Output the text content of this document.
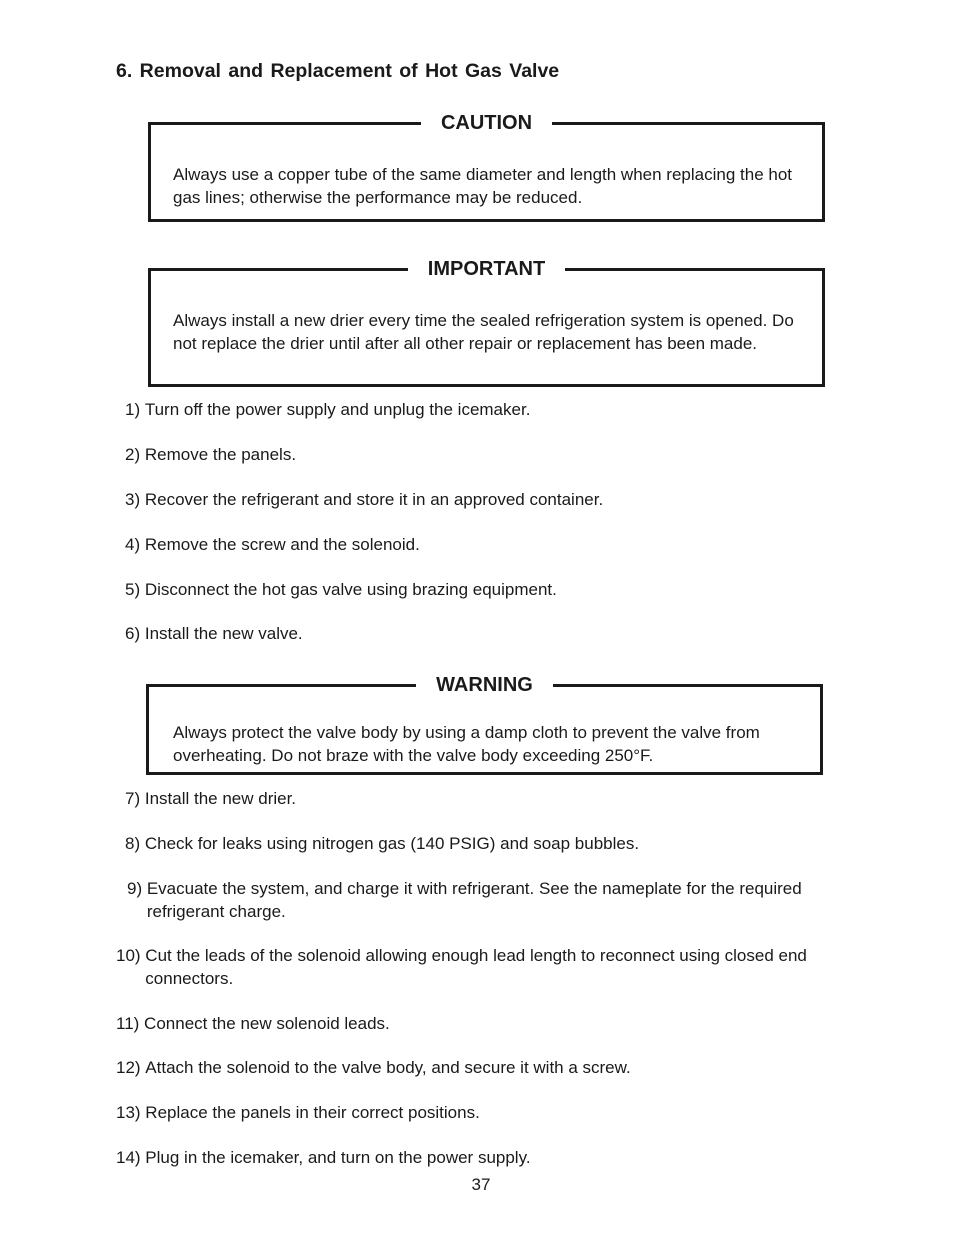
6. Removal and Replacement of Hot Gas Valve
CAUTION

Always use a copper tube of the same diameter and length when replacing the hot gas lines; otherwise the performance may be reduced.

IMPORTANT

Always install a new drier every time the sealed refrigeration system is opened. Do not replace the drier until after all other repair or replacement has been made.

1) Turn off the power supply and unplug the icemaker.
2) Remove the panels.
3) Recover the refrigerant and store it in an approved container.
4) Remove the screw and the solenoid.
5) Disconnect the hot gas valve using brazing equipment.
6) Install the new valve.
WARNING

Always protect the valve body by using a damp cloth to prevent the valve from overheating. Do not braze with the valve body exceeding 250°F.

7) Install the new drier.
8) Check for leaks using nitrogen gas (140 PSIG) and soap bubbles.
9) Evacuate the system, and charge it with refrigerant. See the nameplate for the required refrigerant charge.
10) Cut the leads of the solenoid allowing enough lead length to reconnect using closed end connectors.
11) Connect the new solenoid leads.
12) Attach the solenoid to the valve body, and secure it with a screw.
13) Replace the panels in their correct positions.
14) Plug in the icemaker, and turn on the power supply.

37
